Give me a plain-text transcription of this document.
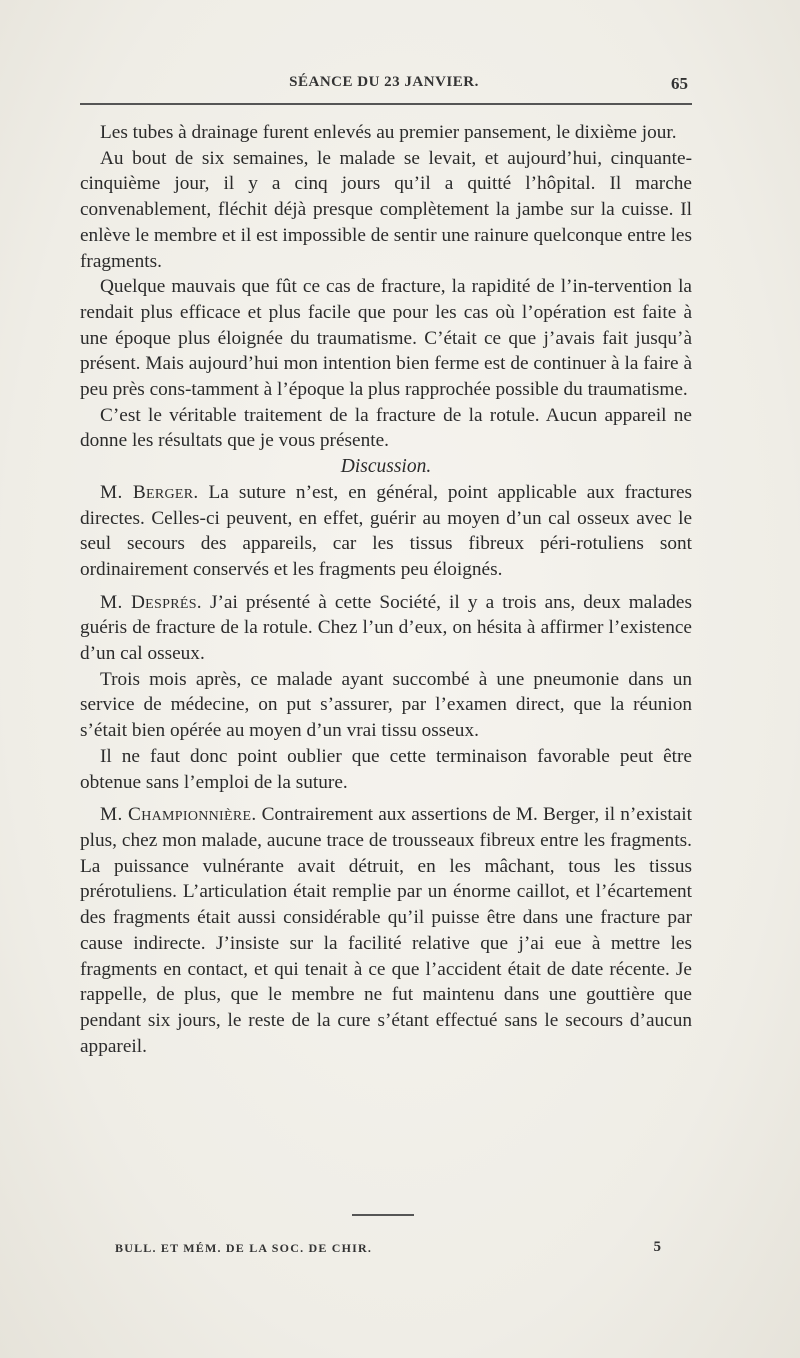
SÉANCE DU 23 JANVIER.	65

Les tubes à drainage furent enlevés au premier pansement, le dixième jour.

Au bout de six semaines, le malade se levait, et aujourd’hui, cinquante-cinquième jour, il y a cinq jours qu’il a quitté l’hôpital. Il marche convenablement, fléchit déjà presque complètement la jambe sur la cuisse. Il enlève le membre et il est impossible de sentir une rainure quelconque entre les fragments.

Quelque mauvais que fût ce cas de fracture, la rapidité de l’in-tervention la rendait plus efficace et plus facile que pour les cas où l’opération est faite à une époque plus éloignée du traumatisme. C’était ce que j’avais fait jusqu’à présent. Mais aujourd’hui mon intention bien ferme est de continuer à la faire à peu près cons-tamment à l’époque la plus rapprochée possible du traumatisme.

C’est le véritable traitement de la fracture de la rotule. Aucun appareil ne donne les résultats que je vous présente.

Discussion.

M. Berger. La suture n’est, en général, point applicable aux fractures directes. Celles-ci peuvent, en effet, guérir au moyen d’un cal osseux avec le seul secours des appareils, car les tissus fibreux péri-rotuliens sont ordinairement conservés et les fragments peu éloignés.

M. Després. J’ai présenté à cette Société, il y a trois ans, deux malades guéris de fracture de la rotule. Chez l’un d’eux, on hésita à affirmer l’existence d’un cal osseux.

Trois mois après, ce malade ayant succombé à une pneumonie dans un service de médecine, on put s’assurer, par l’examen direct, que la réunion s’était bien opérée au moyen d’un vrai tissu osseux.

Il ne faut donc point oublier que cette terminaison favorable peut être obtenue sans l’emploi de la suture.

M. Championnière. Contrairement aux assertions de M. Berger, il n’existait plus, chez mon malade, aucune trace de trousseaux fibreux entre les fragments. La puissance vulnérante avait détruit, en les mâchant, tous les tissus prérotuliens. L’articulation était remplie par un énorme caillot, et l’écartement des fragments était aussi considérable qu’il puisse être dans une fracture par cause indirecte. J’insiste sur la facilité relative que j’ai eue à mettre les fragments en contact, et qui tenait à ce que l’accident était de date récente. Je rappelle, de plus, que le membre ne fut maintenu dans une gouttière que pendant six jours, le reste de la cure s’étant effectué sans le secours d’aucun appareil.

BULL. ET MÉM. DE LA SOC. DE CHIR.	5
